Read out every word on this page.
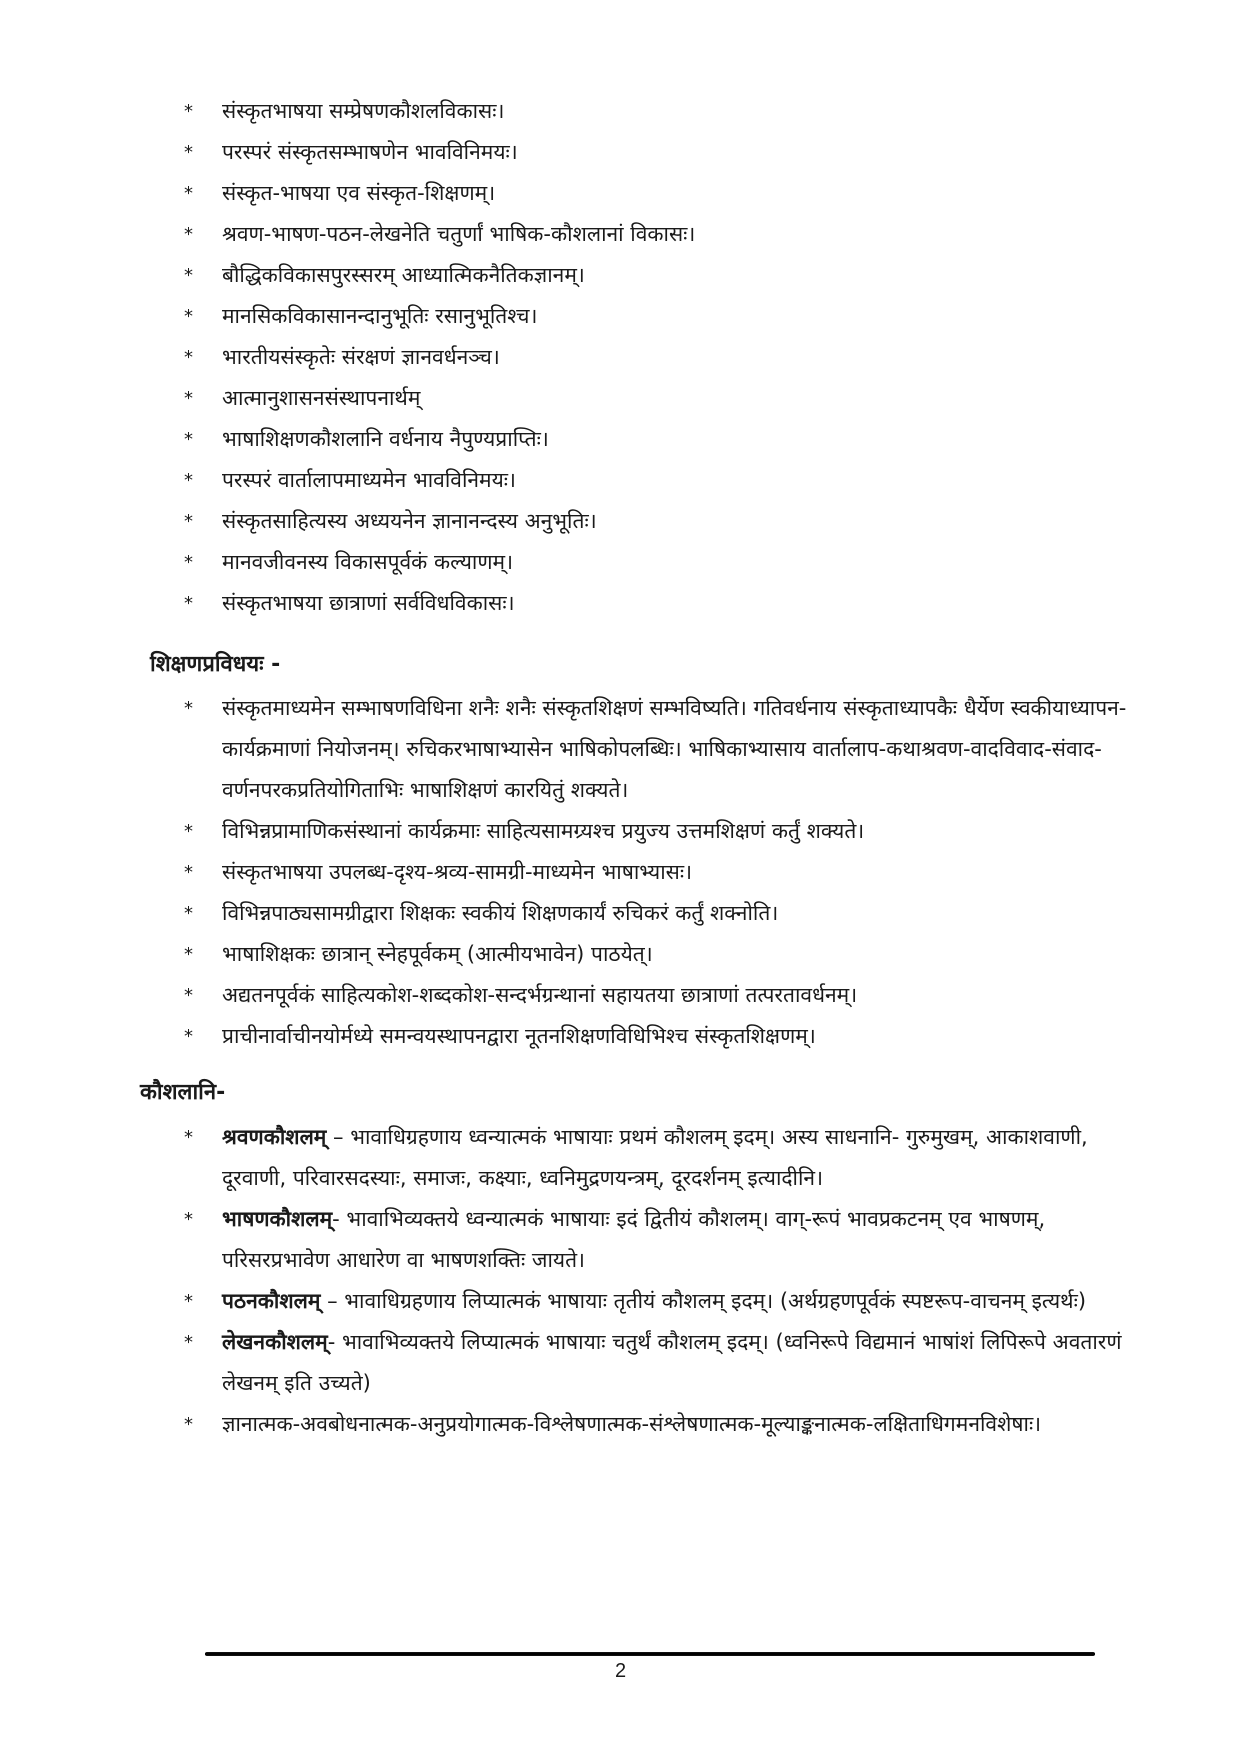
*	संस्कृतभाषया सम्प्रेषणकौशलविकासः।
*	परस्परं संस्कृतसम्भाषणेन भावविनिमयः।
*	संस्कृत-भाषया एव संस्कृत-शिक्षणम्।
*	श्रवण-भाषण-पठन-लेखनेति चतुर्णां भाषिक-कौशलानां विकासः।
*	बौद्धिकविकासपुरस्सरम् आध्यात्मिकनैतिकज्ञानम्।
*	मानसिकविकासानन्दानुभूतिः रसानुभूतिश्च।
*	भारतीयसंस्कृतेः संरक्षणं ज्ञानवर्धनञ्च।
*	आत्मानुशासनसंस्थापनार्थम्
*	भाषाशिक्षणकौशलानि वर्धनाय नैपुण्यप्राप्तिः।
*	परस्परं वार्तालापमाध्यमेन भावविनिमयः।
*	संस्कृतसाहित्यस्य अध्ययनेन ज्ञानानन्दस्य अनुभूतिः।
*	मानवजीवनस्य विकासपूर्वकं कल्याणम्।
*	संस्कृतभाषया छात्राणां सर्वविधविकासः।
शिक्षणप्रविधयः -
*	संस्कृतमाध्यमेन सम्भाषणविधिना शनैः शनैः संस्कृतशिक्षणं सम्भविष्यति। गतिवर्धनाय संस्कृताध्यापकैः धैर्येण स्वकीयाध्यापन-कार्यक्रमाणां नियोजनम्। रुचिकरभाषाभ्यासेन भाषिकोपलब्धिः। भाषिकाभ्यासाय वार्तालाप-कथाश्रवण-वादविवाद-संवाद-वर्णनपरकप्रतियोगिताभिः भाषाशिक्षणं कारयितुं शक्यते।
*	विभिन्नप्रामाणिकसंस्थानां कार्यक्रमाः साहित्यसामग्र्यश्च प्रयुज्य उत्तमशिक्षणं कर्तुं शक्यते।
*	संस्कृतभाषया उपलब्ध-दृश्य-श्रव्य-सामग्री-माध्यमेन भाषाभ्यासः।
*	विभिन्नपाठ्यसामग्रीद्वारा शिक्षकः स्वकीयं शिक्षणकार्यं रुचिकरं कर्तुं शक्नोति।
*	भाषाशिक्षकः छात्रान् स्नेहपूर्वकम् (आत्मीयभावेन) पाठयेत्।
*	अद्यतनपूर्वकं साहित्यकोश-शब्दकोश-सन्दर्भग्रन्थानां सहायतया छात्राणां तत्परतावर्धनम्।
*	प्राचीनार्वाचीनयोर्मध्ये समन्वयस्थापनद्वारा नूतनशिक्षणविधिभिश्च संस्कृतशिक्षणम्।
कौशलानि-
*	श्रवणकौशलम् – भावाधिग्रहणाय ध्वन्यात्मकं भाषायाः प्रथमं कौशलम् इदम्। अस्य साधनानि- गुरुमुखम्, आकाशवाणी, दूरवाणी, परिवारसदस्याः, समाजः, कक्ष्याः, ध्वनिमुद्रणयन्त्रम्, दूरदर्शनम् इत्यादीनि।
*	भाषणकौशलम्- भावाभिव्यक्तये ध्वन्यात्मकं भाषायाः इदं द्वितीयं कौशलम्। वाग्-रूपं भावप्रकटनम् एव भाषणम्, परिसरप्रभावेण आधारेण वा भाषणशक्तिः जायते।
*	पठनकौशलम् – भावाधिग्रहणाय लिप्यात्मकं भाषायाः तृतीयं कौशलम् इदम्। (अर्थग्रहणपूर्वकं स्पष्टरूप-वाचनम् इत्यर्थः)
*	लेखनकौशलम्- भावाभिव्यक्तये लिप्यात्मकं भाषायाः चतुर्थं कौशलम् इदम्। (ध्वनिरूपे विद्यमानं भाषांशं लिपिरूपे अवतारणं लेखनम् इति उच्यते)
*	ज्ञानात्मक-अवबोधनात्मक-अनुप्रयोगात्मक-विश्लेषणात्मक-संश्लेषणात्मक-मूल्याङ्कनात्मक-लक्षिताधिगमनविशेषाः।
2
